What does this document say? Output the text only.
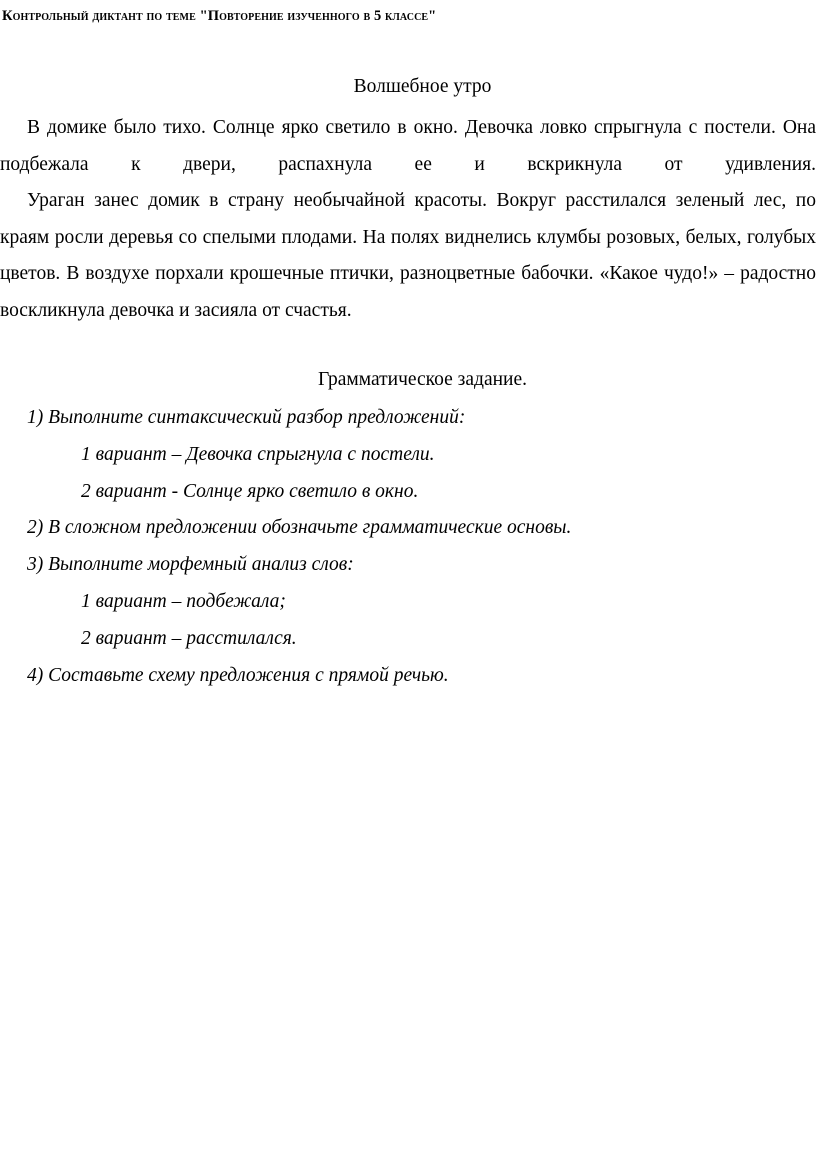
Контрольный диктант по теме "Повторение изученного в 5 классе"
Волшебное утро

В домике было тихо. Солнце ярко светило в окно. Девочка ловко спрыгнула с постели. Она подбежала к двери, распахнула ее и вскрикнула от удивления.

Ураган занес домик в страну необычайной красоты. Вокруг расстилался зеленый лес, по краям росли деревья со спелыми плодами. На полях виднелись клумбы розовых, белых, голубых цветов. В воздухе порхали крошечные птички, разноцветные бабочки. «Какое чудо!» – радостно воскликнула девочка и засияла от счастья.

Грамматическое задание.
1) Выполните синтаксический разбор предложений:
1 вариант – Девочка спрыгнула с постели.
2 вариант - Солнце ярко светило в окно.
2) В сложном предложении обозначьте грамматические основы.
3) Выполните морфемный анализ слов:
1 вариант – подбежала;
2 вариант – расстилался.
4) Составьте схему предложения с прямой речью.
